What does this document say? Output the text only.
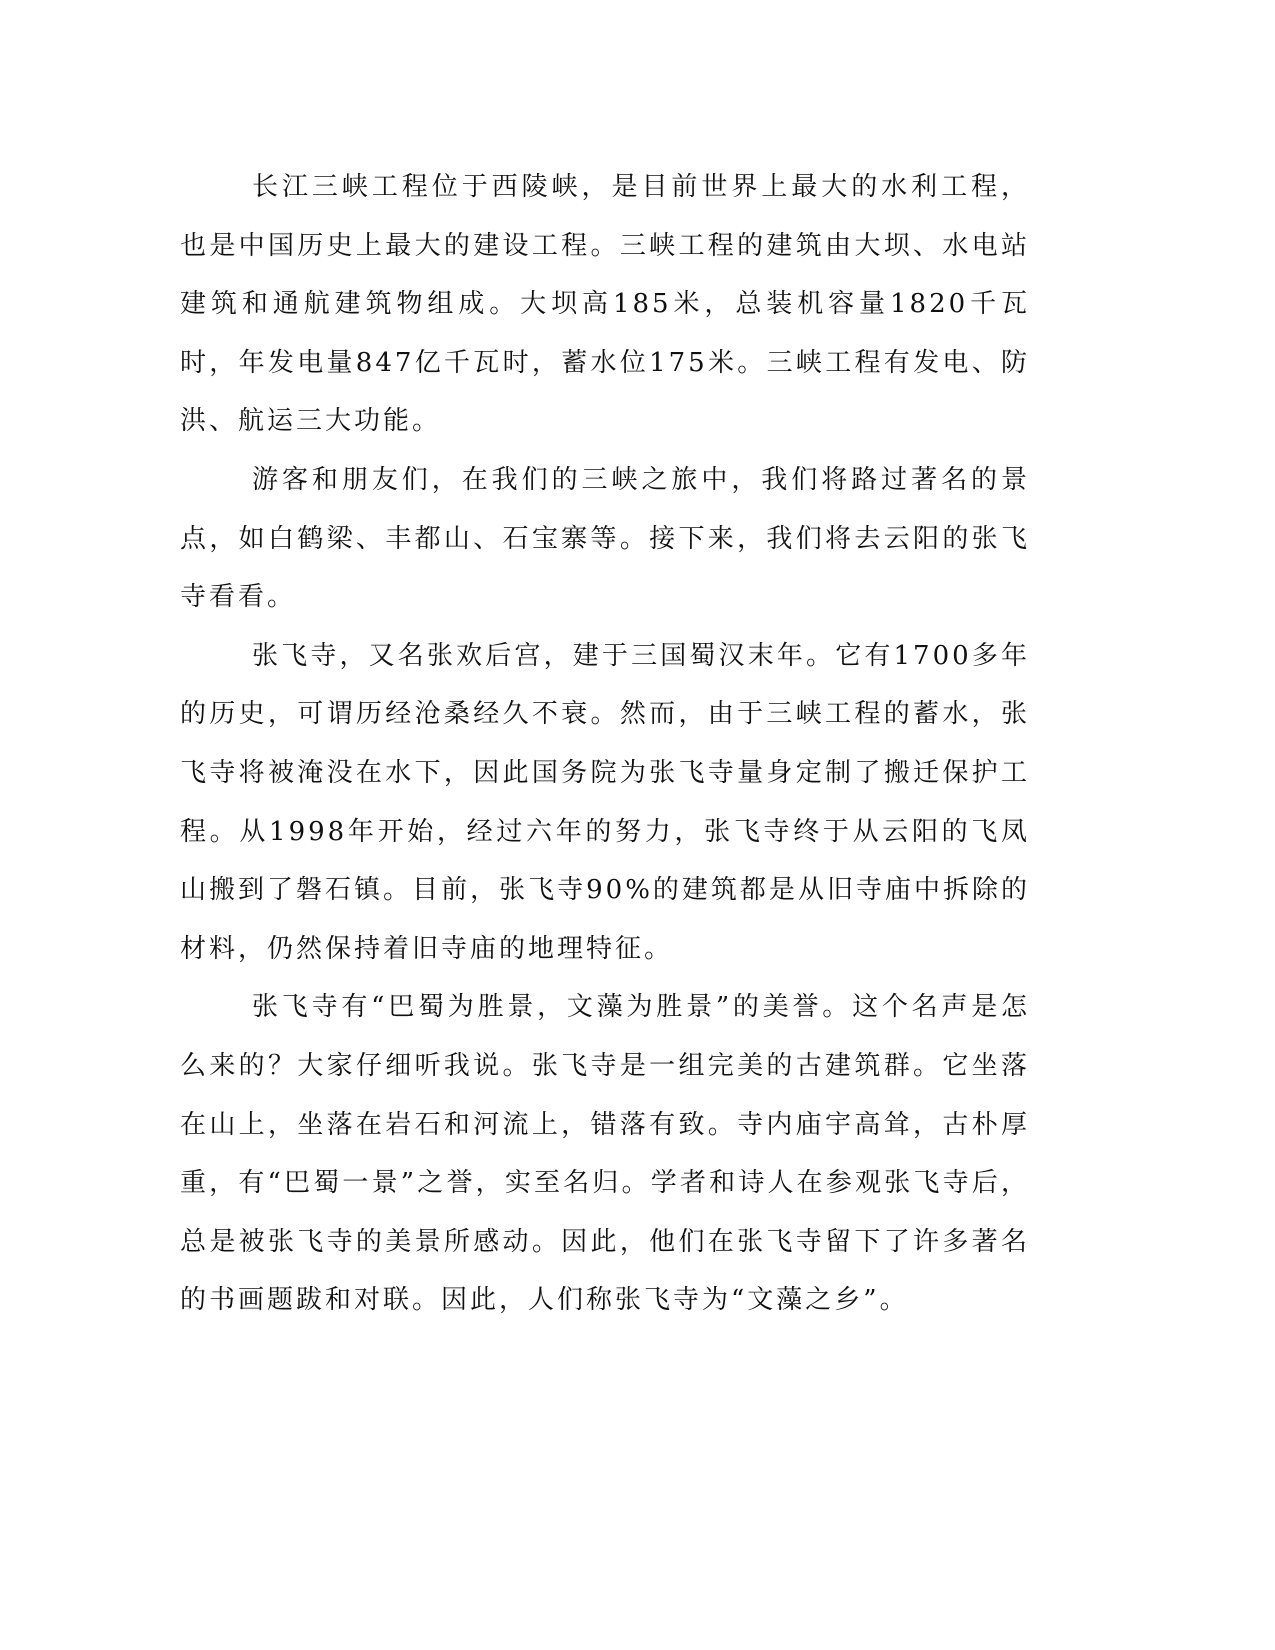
长江三峡工程位于西陵峡，是目前世界上最大的水利工程，也是中国历史上最大的建设工程。三峡工程的建筑由大坝、水电站建筑和通航建筑物组成。大坝高185米，总装机容量1820千瓦时，年发电量847亿千瓦时，蓄水位175米。三峡工程有发电、防洪、航运三大功能。

游客和朋友们，在我们的三峡之旅中，我们将路过著名的景点，如白鹤梁、丰都山、石宝寨等。接下来，我们将去云阳的张飞寺看看。

张飞寺，又名张欢后宫，建于三国蜀汉末年。它有1700多年的历史，可谓历经沧桑经久不衰。然而，由于三峡工程的蓄水，张飞寺将被淹没在水下，因此国务院为张飞寺量身定制了搬迁保护工程。从1998年开始，经过六年的努力，张飞寺终于从云阳的飞凤山搬到了磐石镇。目前，张飞寺90%的建筑都是从旧寺庙中拆除的材料，仍然保持着旧寺庙的地理特征。

张飞寺有“巴蜀为胜景，文藻为胜景”的美誉。这个名声是怎么来的？大家仔细听我说。张飞寺是一组完美的古建筑群。它坐落在山上，坐落在岩石和河流上，错落有致。寺内庙宇高耸，古朴厚重，有“巴蜀一景”之誉，实至名归。学者和诗人在参观张飞寺后，总是被张飞寺的美景所感动。因此，他们在张飞寺留下了许多著名的书画题跋和对联。因此，人们称张飞寺为“文藻之乡”。
